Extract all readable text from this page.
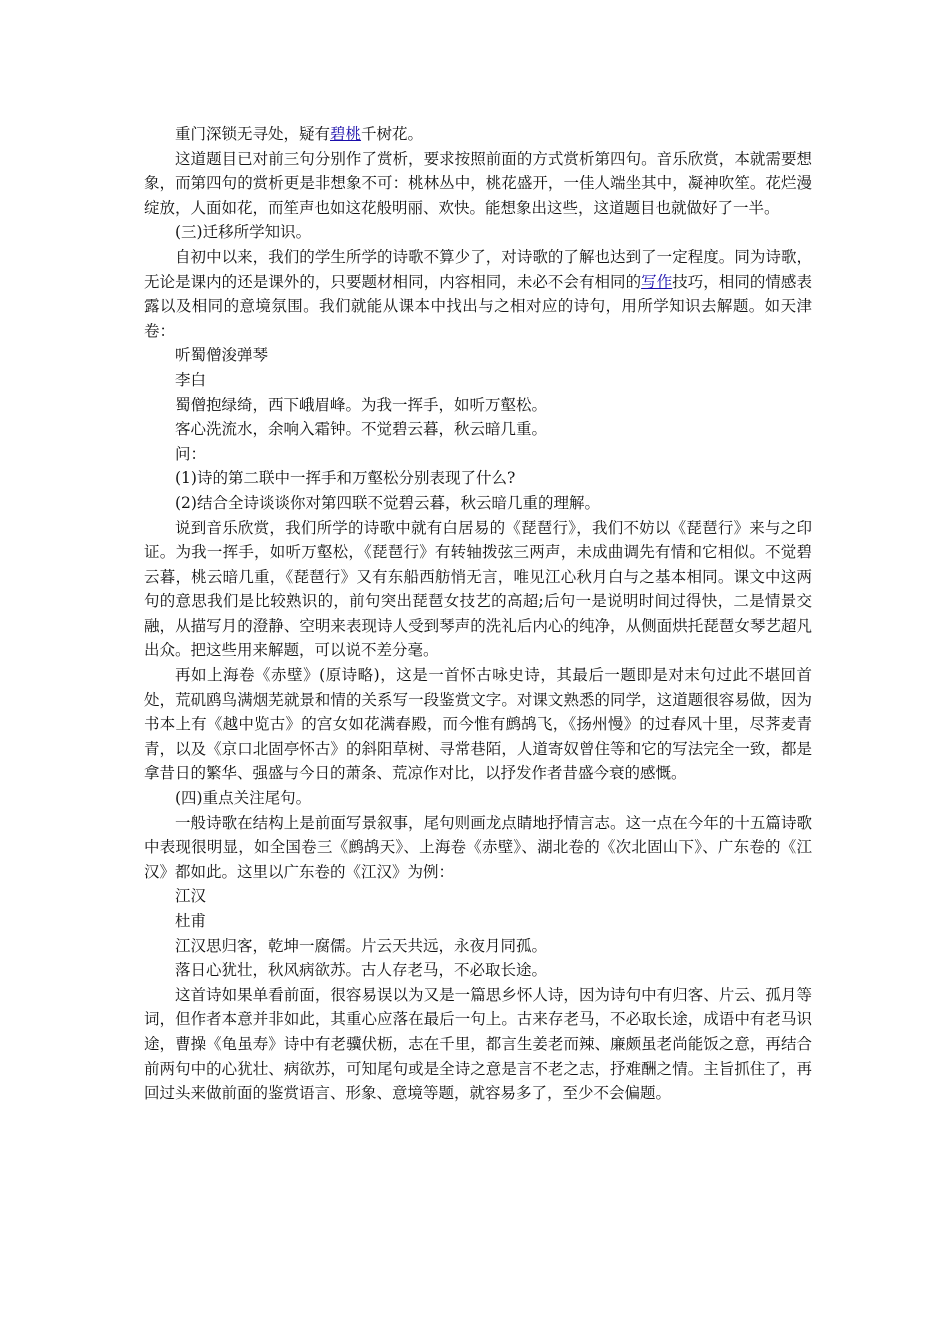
重门深锁无寻处，疑有碧桃千树花。

这道题目已对前三句分别作了赏析，要求按照前面的方式赏析第四句。音乐欣赏，本就需要想象，而第四句的赏析更是非想象不可：桃林丛中，桃花盛开，一佳人端坐其中，凝神吹笙。花烂漫绽放，人面如花，而笙声也如这花般明丽、欢快。能想象出这些，这道题目也就做好了一半。

(三)迁移所学知识。

自初中以来，我们的学生所学的诗歌不算少了，对诗歌的了解也达到了一定程度。同为诗歌，无论是课内的还是课外的，只要题材相同，内容相同，未必不会有相同的写作技巧，相同的情感表露以及相同的意境氛围。我们就能从课本中找出与之相对应的诗句，用所学知识去解题。如天津卷：

听蜀僧浚弹琴

李白

蜀僧抱绿绮，西下峨眉峰。为我一挥手，如听万壑松。

客心洗流水，余响入霜钟。不觉碧云暮，秋云暗几重。

问：

(1)诗的第二联中一挥手和万壑松分别表现了什么?

(2)结合全诗谈谈你对第四联不觉碧云暮，秋云暗几重的理解。

说到音乐欣赏，我们所学的诗歌中就有白居易的《琵琶行》，我们不妨以《琵琶行》来与之印证。为我一挥手，如听万壑松，《琵琶行》有转轴拨弦三两声，未成曲调先有情和它相似。不觉碧云暮，桃云暗几重，《琵琶行》又有东船西舫悄无言，唯见江心秋月白与之基本相同。课文中这两句的意思我们是比较熟识的，前句突出琵琶女技艺的高超;后句一是说明时间过得快，二是情景交融，从描写月的澄静、空明来表现诗人受到琴声的洗礼后内心的纯净，从侧面烘托琵琶女琴艺超凡出众。把这些用来解题，可以说不差分毫。

再如上海卷《赤壁》(原诗略)，这是一首怀古咏史诗，其最后一题即是对末句过此不堪回首处，荒矶鸥鸟满烟芜就景和情的关系写一段鉴赏文字。对课文熟悉的同学，这道题很容易做，因为书本上有《越中览古》的宫女如花满春殿，而今惟有鹧鸪飞，《扬州慢》的过春风十里，尽荠麦青青，以及《京口北固亭怀古》的斜阳草树、寻常巷陌，人道寄奴曾住等和它的写法完全一致，都是拿昔日的繁华、强盛与今日的萧条、荒凉作对比，以抒发作者昔盛今衰的感慨。

(四)重点关注尾句。

一般诗歌在结构上是前面写景叙事，尾句则画龙点睛地抒情言志。这一点在今年的十五篇诗歌中表现很明显，如全国卷三《鹧鸪天》、上海卷《赤壁》、湖北卷的《次北固山下》、广东卷的《江汉》都如此。这里以广东卷的《江汉》为例：

江汉

杜甫

江汉思归客，乾坤一腐儒。片云天共远，永夜月同孤。

落日心犹壮，秋风病欲苏。古人存老马，不必取长途。

这首诗如果单看前面，很容易误以为又是一篇思乡怀人诗，因为诗句中有归客、片云、孤月等词，但作者本意并非如此，其重心应落在最后一句上。古来存老马，不必取长途，成语中有老马识途，曹操《龟虽寿》诗中有老骥伏枥，志在千里，都言生姜老而辣、廉颇虽老尚能饭之意，再结合前两句中的心犹壮、病欲苏，可知尾句或是全诗之意是言不老之志，抒难酬之情。主旨抓住了，再回过头来做前面的鉴赏语言、形象、意境等题，就容易多了，至少不会偏题。
